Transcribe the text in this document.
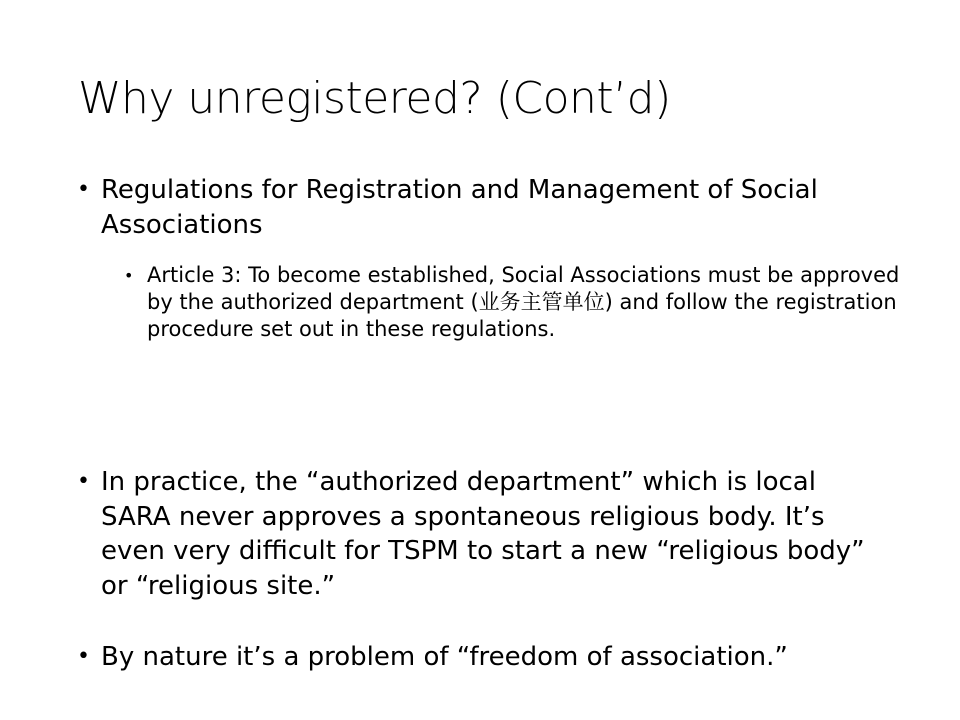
Why unregistered? (Cont’d)
• Regulations for Registration and Management of Social Associations
• Article 3: To become established, Social Associations must be approved by the authorized department (业务主管单位) and follow the registration procedure set out in these regulations.
• In practice, the “authorized department” which is local SARA never approves a spontaneous religious body. It’s even very difficult for TSPM to start a new “religious body” or “religious site.”
• By nature it’s a problem of “freedom of association.”
